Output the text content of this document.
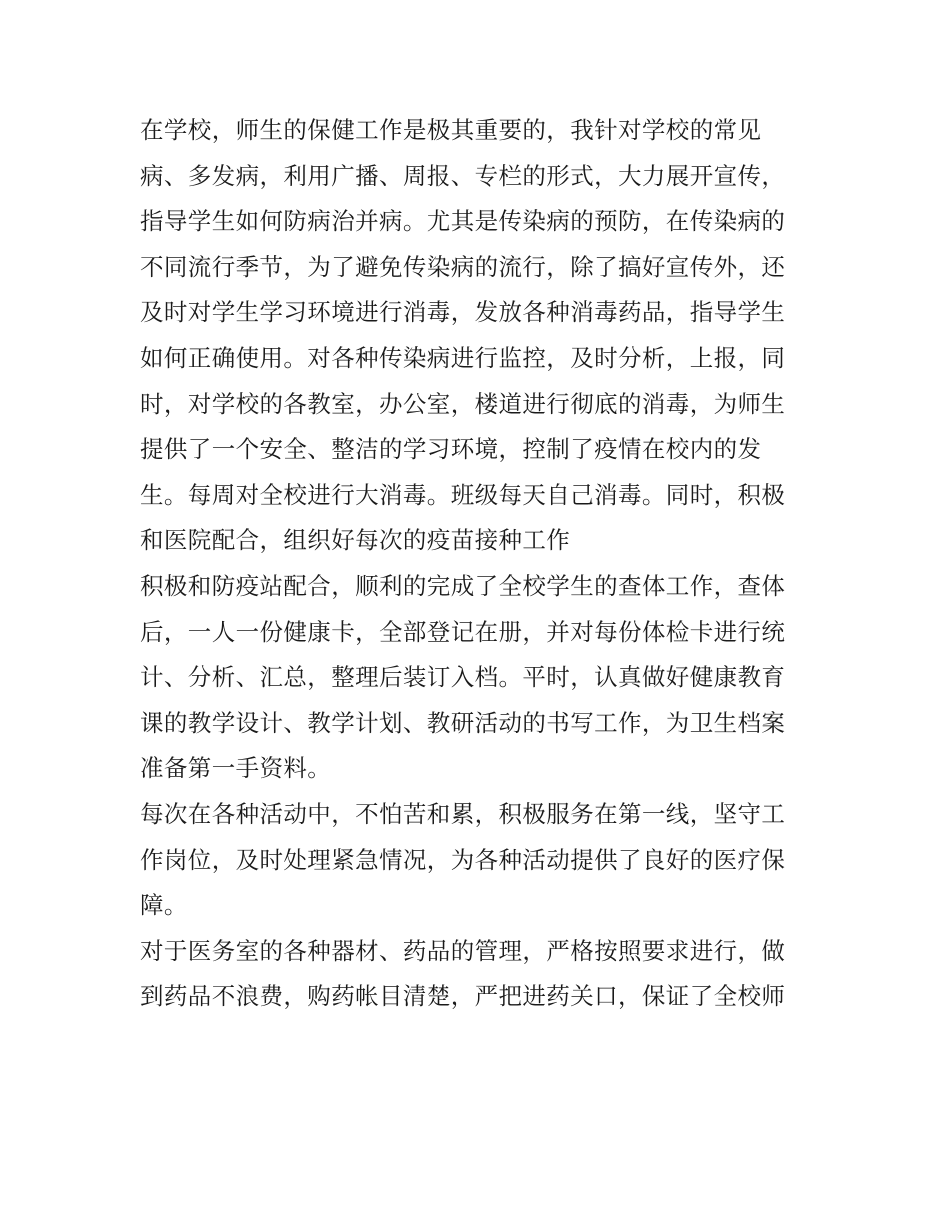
在学校，师生的保健工作是极其重要的，我针对学校的常见
病、多发病，利用广播、周报、专栏的形式，大力展开宣传，
指导学生如何防病治并病。尤其是传染病的预防，在传染病的
不同流行季节，为了避免传染病的流行，除了搞好宣传外，还
及时对学生学习环境进行消毒，发放各种消毒药品，指导学生
如何正确使用。对各种传染病进行监控，及时分析，上报，同
时，对学校的各教室，办公室，楼道进行彻底的消毒，为师生
提供了一个安全、整洁的学习环境，控制了疫情在校内的发
生。每周对全校进行大消毒。班级每天自己消毒。同时，积极
和医院配合，组织好每次的疫苗接种工作
积极和防疫站配合，顺利的完成了全校学生的查体工作，查体
后，一人一份健康卡，全部登记在册，并对每份体检卡进行统
计、分析、汇总，整理后装订入档。平时，认真做好健康教育
课的教学设计、教学计划、教研活动的书写工作，为卫生档案
准备第一手资料。
每次在各种活动中，不怕苦和累，积极服务在第一线，坚守工
作岗位，及时处理紧急情况，为各种活动提供了良好的医疗保
障。
对于医务室的各种器材、药品的管理，严格按照要求进行，做
到药品不浪费，购药帐目清楚，严把进药关口，保证了全校师
